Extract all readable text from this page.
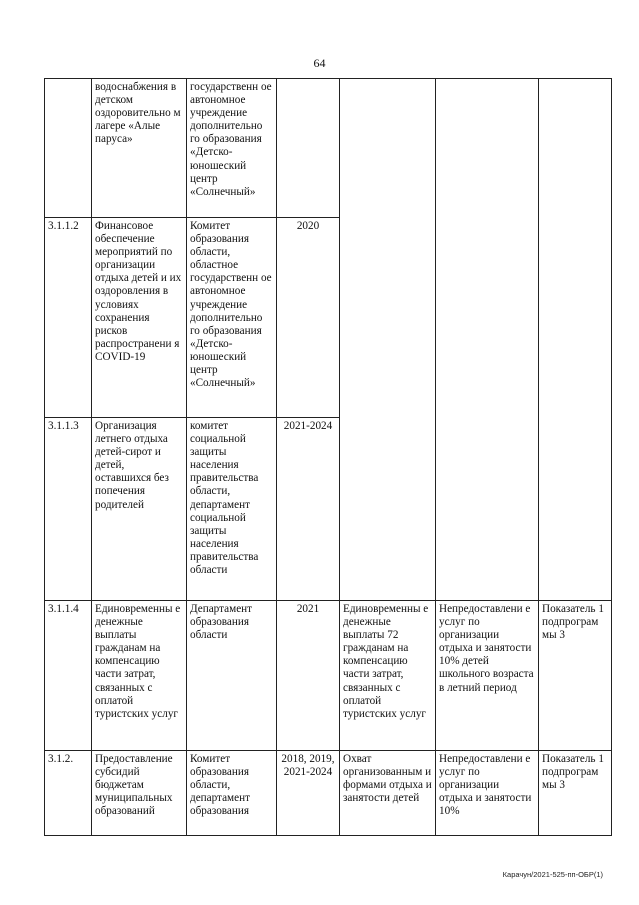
64
	водоснабжения в детском оздоровительно м лагере «Алые паруса»	государственн ое автономное учреждение дополнительно го образования «Детско-юношеский центр «Солнечный»				
3.1.1.2	Финансовое обеспечение мероприятий по организации отдыха детей и их оздоровления в условиях сохранения рисков распространени я COVID-19	Комитет образования области, областное государственн ое автономное учреждение дополнительно го образования «Детско-юношеский центр «Солнечный»	2020			
3.1.1.3	Организация летнего отдыха детей-сирот и детей, оставшихся без попечения родителей	комитет социальной защиты населения правительства области, департамент социальной защиты населения правительства области	2021-2024			
3.1.1.4	Единовременны е денежные выплаты гражданам на компенсацию части затрат, связанных с оплатой туристских услуг	Департамент образования области	2021	Единовременны е денежные выплаты 72 гражданам на компенсацию части затрат, связанных с оплатой туристских услуг	Непредоставлени е услуг по организации отдыха и занятости 10% детей школьного возраста в летний период	Показатель 1 подпрограм мы 3
3.1.2.	Предоставление субсидий бюджетам муниципальных образований	Комитет образования области, департамент образования	2018, 2019, 2021-2024	Охват организованным и формами отдыха и занятости детей	Непредоставлени е услуг по организации отдыха и занятости 10%	Показатель 1 подпрограм мы 3
Карачун/2021-525-пп-ОБР(1)
